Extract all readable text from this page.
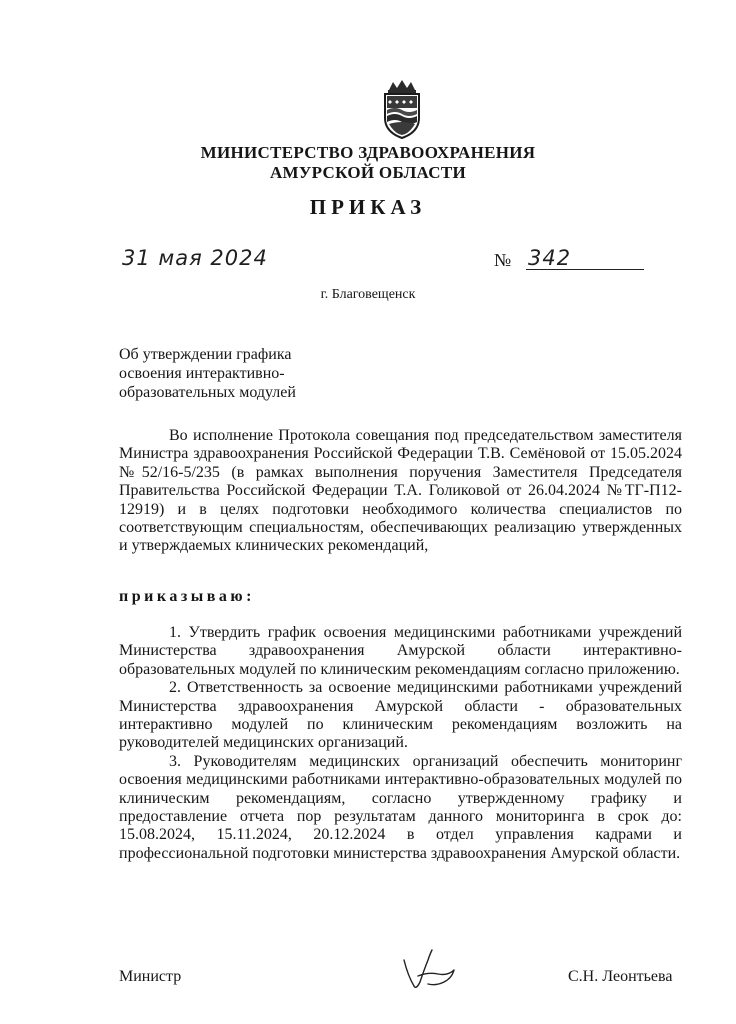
МИНИСТЕРСТВО ЗДРАВООХРАНЕНИЯ
АМУРСКОЙ ОБЛАСТИ
ПРИКАЗ
31 мая 2024	№ 342
г. Благовещенск
Об утверждении графика
освоения интерактивно-
образовательных модулей

Во исполнение Протокола совещания под председательством заместителя Министра здравоохранения Российской Федерации Т.В. Семёновой от 15.05.2024 №52/16-5/235 (в рамках выполнения поручения Заместителя Председателя Правительства Российской Федерации Т.А. Голиковой от 26.04.2024 №ТГ-П12-12919) и в целях подготовки необходимого количества специалистов по соответствующим специальностям, обеспечивающих реализацию утвержденных и утверждаемых клинических рекомендаций,

приказываю:

1. Утвердить график освоения медицинскими работниками учреждений Министерства здравоохранения Амурской области интерактивно-образовательных модулей по клиническим рекомендациям согласно приложению.

2. Ответственность за освоение медицинскими работниками учреждений Министерства здравоохранения Амурской области - образовательных интерактивно модулей по клиническим рекомендациям возложить на руководителей медицинских организаций.

3. Руководителям медицинских организаций обеспечить мониторинг освоения медицинскими работниками интерактивно-образовательных модулей по клиническим рекомендациям, согласно утвержденному графику и предоставление отчета пор результатам данного мониторинга в срок до: 15.08.2024, 15.11.2024, 20.12.2024 в отдел управления кадрами и профессиональной подготовки министерства здравоохранения Амурской области.

Министр	С.Н. Леонтьева
